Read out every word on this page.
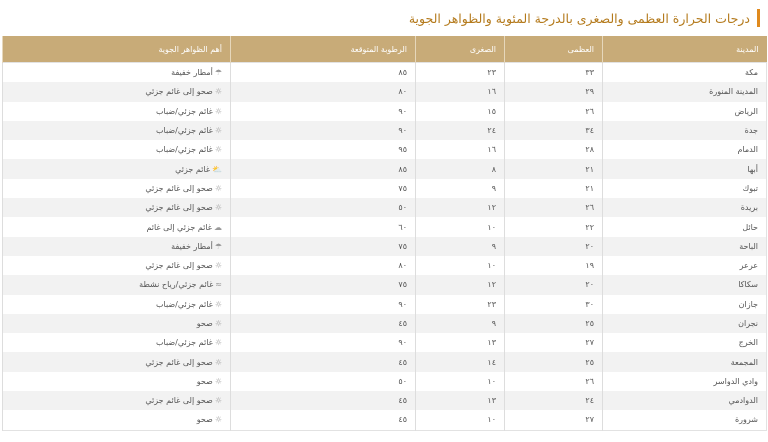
درجات الحرارة العظمى والصغرى بالدرجة المئوية والظواهر الجوية
المدينة	العظمى	الصغرى	الرطوبة المتوقعة	أهم الظواهر الجوية
مكة	٣٣	٢٣	٨٥	☂أمطار خفيفة
المدينة المنورة	٢٩	١٦	٨٠	☼صحو إلى غائم جزئي
الرياض	٢٦	١٥	٩٠	☼غائم جزئي/ضباب
جدة	٣٤	٢٤	٩٠	☼غائم جزئي/ضباب
الدمام	٢٨	١٦	٩٥	☼غائم جزئي/ضباب
أبها	٢١	٨	٨٥	⛅غائم جزئي
تبوك	٢١	٩	٧٥	☼صحو إلى غائم جزئي
بريدة	٢٦	١٢	٥٠	☼صحو إلى غائم جزئي
حائل	٢٢	١٠	٦٠	☁غائم جزئي إلى غائم
الباحة	٢٠	٩	٧٥	☂أمطار خفيفة
عرعر	١٩	١٠	٨٠	☼صحو إلى غائم جزئي
سكاكا	٢٠	١٢	٧٥	≈غائم جزئي/رياح نشطة
جازان	٣٠	٢٣	٩٠	☼غائم جزئي/ضباب
نجران	٢٥	٩	٤٥	☼صحو
الخرج	٢٧	١٣	٩٠	☼غائم جزئي/ضباب
المجمعة	٢٥	١٤	٤٥	☼صحو إلى غائم جزئي
وادي الدواسر	٢٦	١٠	٥٠	☼صحو
الدوادمي	٢٤	١٣	٤٥	☼صحو إلى غائم جزئي
شرورة	٢٧	١٠	٤٥	☼صحو
